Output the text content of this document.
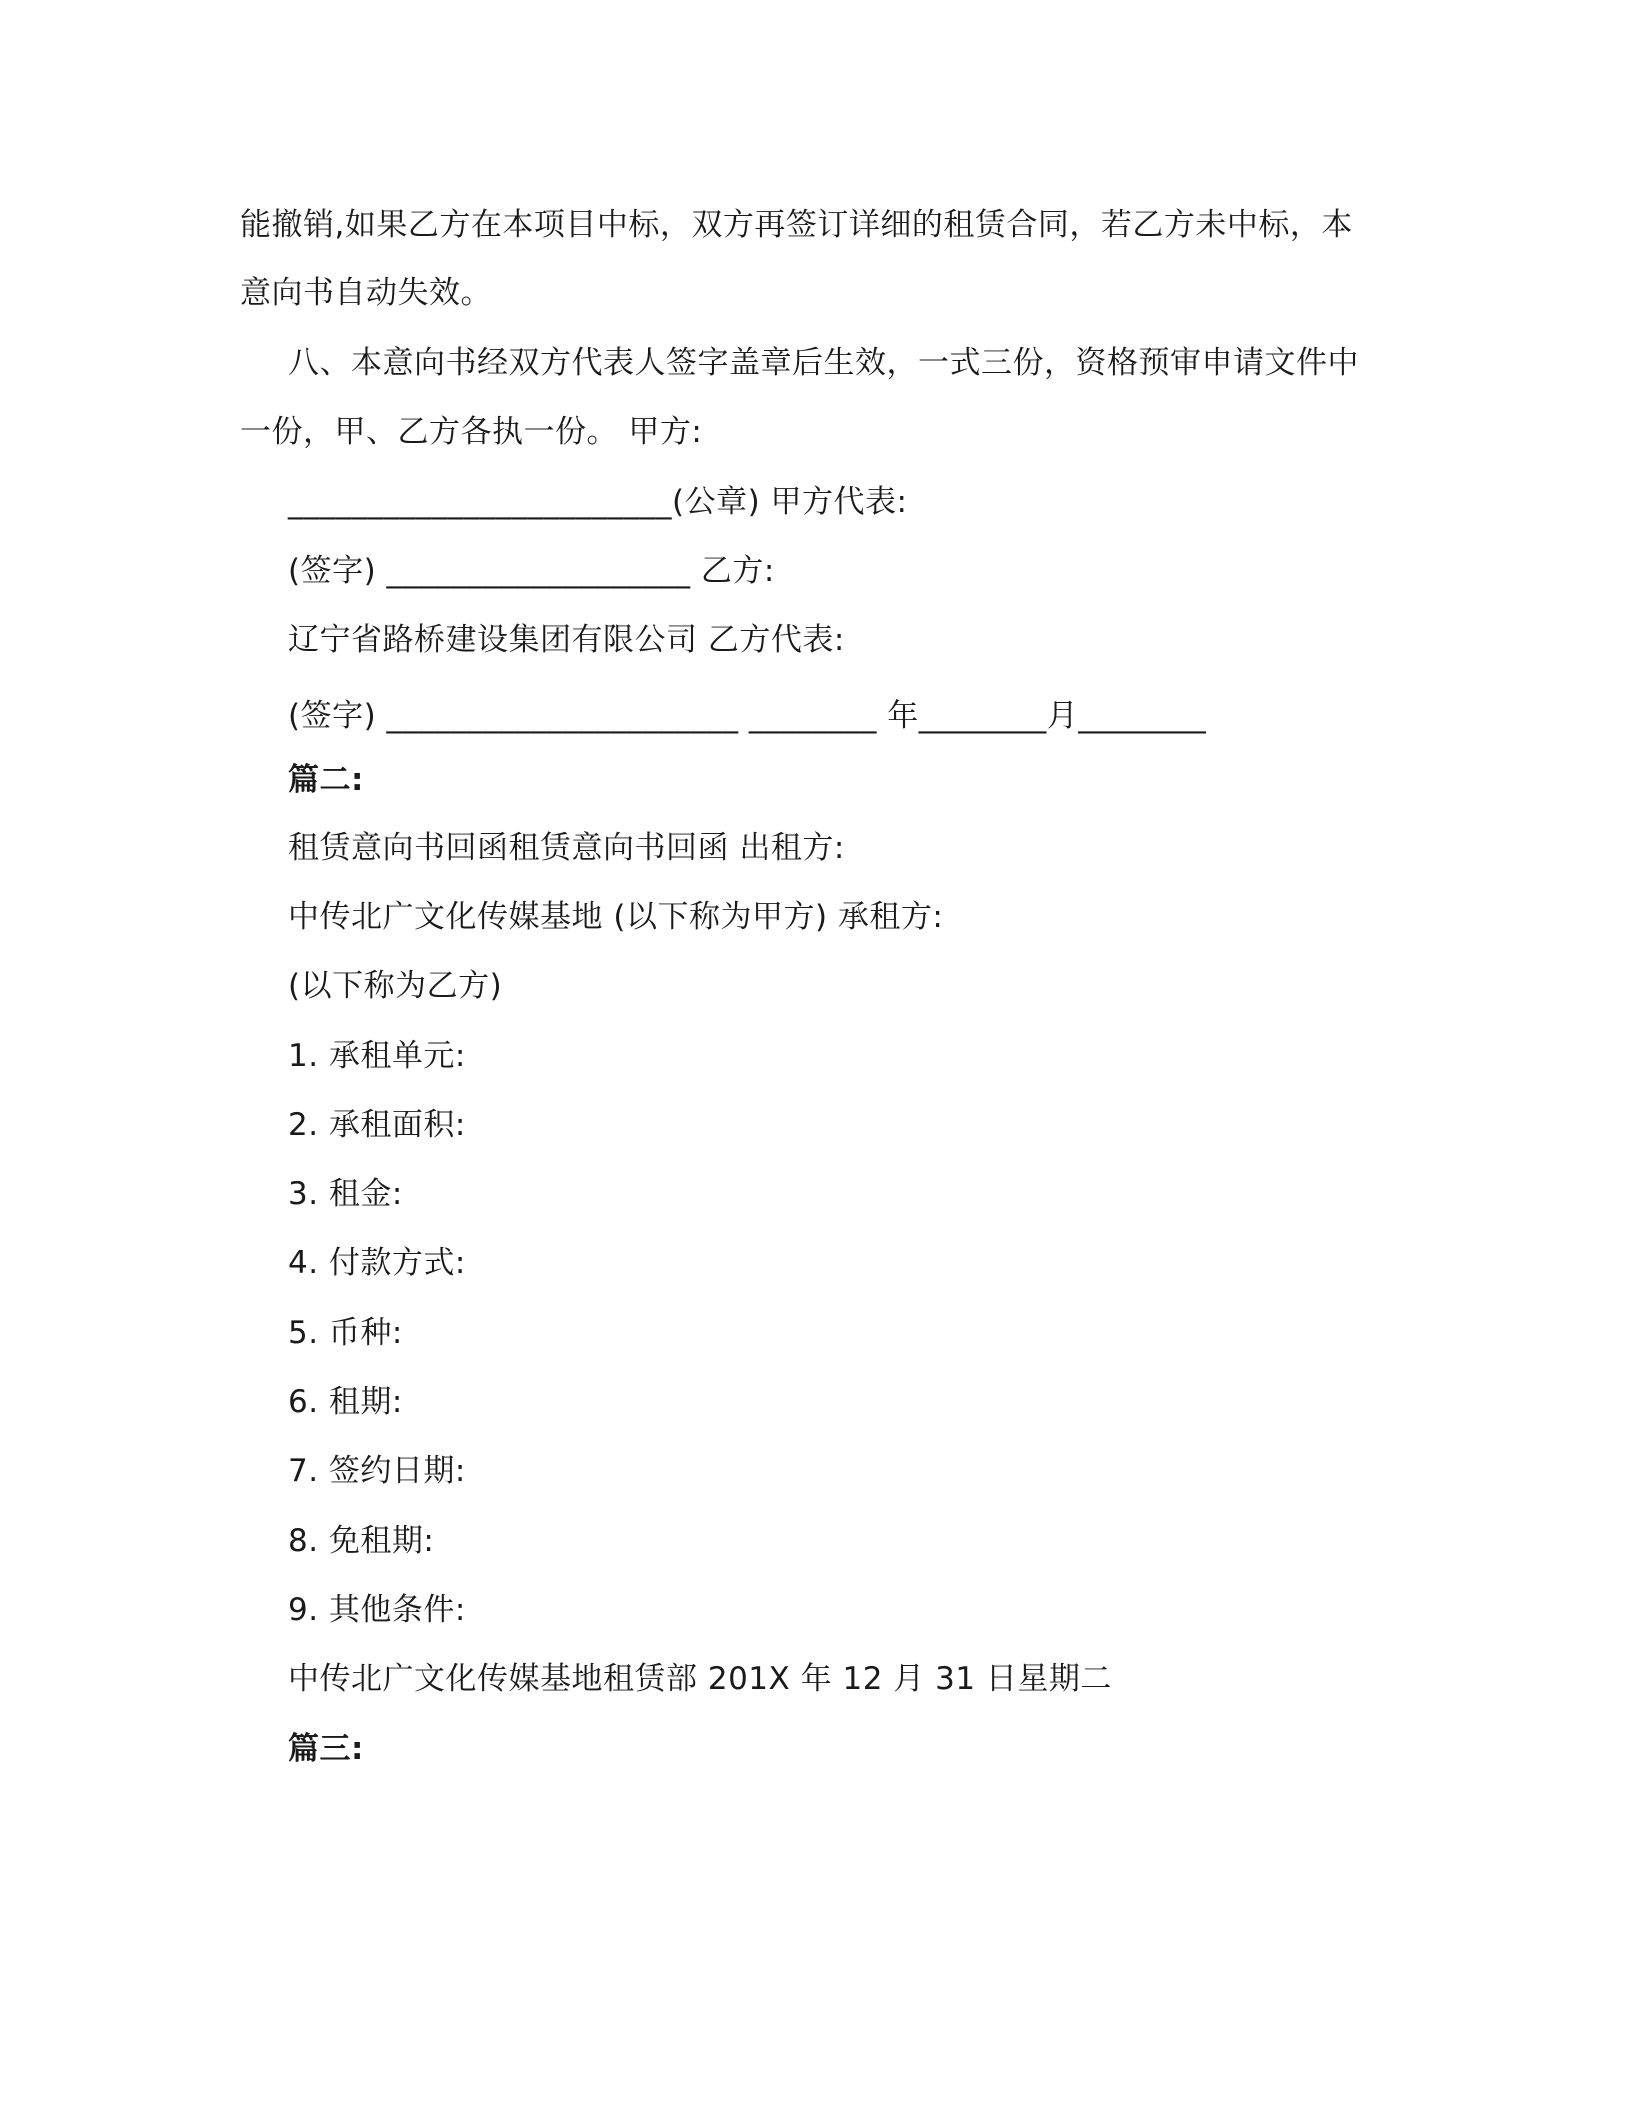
能撤销,如果乙方在本项目中标，双方再签订详细的租赁合同，若乙方未中标，本
意向书自动失效。
八、本意向书经双方代表人签字盖章后生效，一式三份，资格预审申请文件中
一份，甲、乙方各执一份。 甲方:
________________________(公章) 甲方代表:
(签字) ___________________ 乙方:
辽宁省路桥建设集团有限公司 乙方代表:
(签字) ______________________ ________ 年________月________
篇二:
租赁意向书回函租赁意向书回函 出租方:
中传北广文化传媒基地 (以下称为甲方) 承租方:
(以下称为乙方)
1. 承租单元:
2. 承租面积:
3. 租金:
4. 付款方式:
5. 币种:
6. 租期:
7. 签约日期:
8. 免租期:
9. 其他条件:
中传北广文化传媒基地租赁部 201X 年 12 月 31 日星期二
篇三:
